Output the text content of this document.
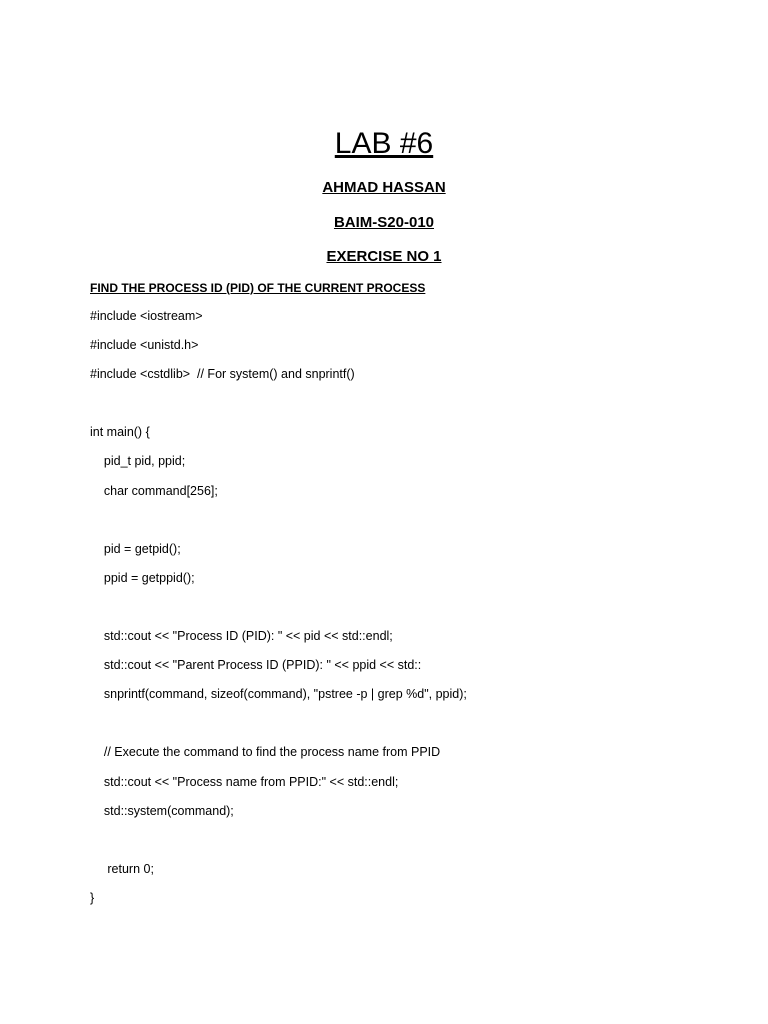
LAB #6
AHMAD HASSAN
BAIM-S20-010
EXERCISE NO 1
FIND THE PROCESS ID (PID) OF THE CURRENT PROCESS
#include <iostream>
#include <unistd.h>
#include <cstdlib>  // For system() and snprintf()
int main() {
pid_t pid, ppid;
char command[256];
pid = getpid();
ppid = getppid();
std::cout << "Process ID (PID): " << pid << std::endl;
std::cout << "Parent Process ID (PPID): " << ppid << std::
snprintf(command, sizeof(command), "pstree -p | grep %d", ppid);
// Execute the command to find the process name from PPID
std::cout << "Process name from PPID:" << std::endl;
std::system(command);
return 0;
}
